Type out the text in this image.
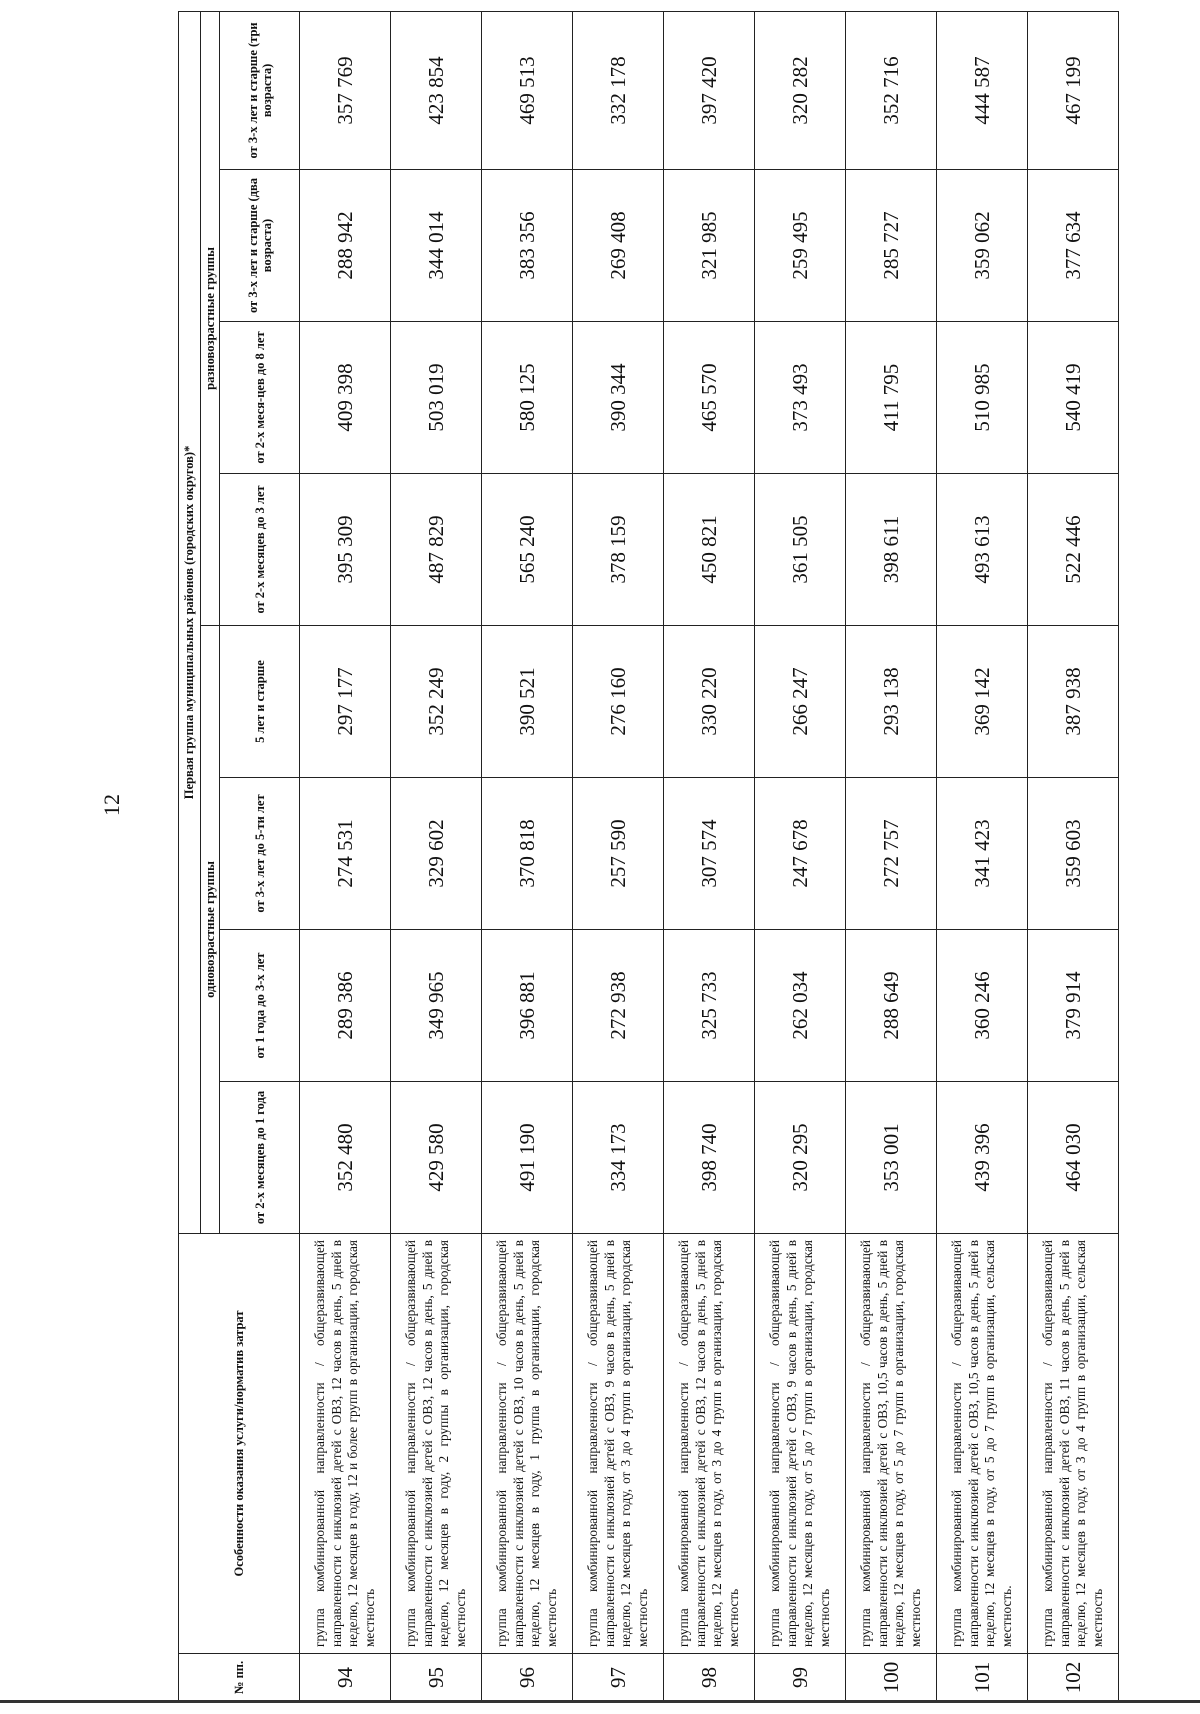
12
№ пп.	Особенности оказания услуги/норматив затрат	Первая группа муниципальных районов (городских округов)*							
		одновозрастные группы				разновозрастные группы			
		от 2-х месяцев до 1 года	от 1 года до 3-х лет	от 3-х лет до 5-ти лет	5 лет и старше	от 2-х месяцев до 3 лет	от 2-х меся-цев до 8 лет	от 3-х лет и старше (два возраста)	от 3-х лет и старше (три возраста)
94	группа комбинированной направленности / общеразвивающей направленности с инклюзией детей с ОВЗ, 12 часов в день, 5 дней в неделю, 12 месяцев в году, 12 и более групп в организации, городская местность	352 480	289 386	274 531	297 177	395 309	409 398	288 942	357 769
95	группа комбинированной направленности / общеразвивающей направленности с инклюзией детей с ОВЗ, 12 часов в день, 5 дней в неделю, 12 месяцев в году, 2 группы в организации, городская местность	429 580	349 965	329 602	352 249	487 829	503 019	344 014	423 854
96	группа комбинированной направленности / общеразвивающей направленности с инклюзией детей с ОВЗ, 10 часов в день, 5 дней в неделю, 12 месяцев в году, 1 группа в организации, городская местность	491 190	396 881	370 818	390 521	565 240	580 125	383 356	469 513
97	группа комбинированной направленности / общеразвивающей направленности с инклюзией детей с ОВЗ, 9 часов в день, 5 дней в неделю, 12 месяцев в году, от 3 до 4 групп в организации, городская местность	334 173	272 938	257 590	276 160	378 159	390 344	269 408	332 178
98	группа комбинированной направленности / общеразвивающей направленности с инклюзией детей с ОВЗ, 12 часов в день, 5 дней в неделю, 12 месяцев в году, от 3 до 4 групп в организации, городская местность	398 740	325 733	307 574	330 220	450 821	465 570	321 985	397 420
99	группа комбинированной направленности / общеразвивающей направленности с инклюзией детей с ОВЗ, 9 часов в день, 5 дней в неделю, 12 месяцев в году, от 5 до 7 групп в организации, городская местность	320 295	262 034	247 678	266 247	361 505	373 493	259 495	320 282
100	группа комбинированной направленности / общеразвивающей направленности с инклюзией детей с ОВЗ, 10,5 часов в день, 5 дней в неделю, 12 месяцев в году, от 5 до 7 групп в организации, городская местность	353 001	288 649	272 757	293 138	398 611	411 795	285 727	352 716
101	группа комбинированной направленности / общеразвивающей направленности с инклюзией детей с ОВЗ, 10,5 часов в день, 5 дней в неделю, 12 месяцев в году, от 5 до 7 групп в организации, сельская местность.	439 396	360 246	341 423	369 142	493 613	510 985	359 062	444 587
102	группа комбинированной направленности / общеразвивающей направленности с инклюзией детей с ОВЗ, 11 часов в день, 5 дней в неделю, 12 месяцев в году, от 3 до 4 групп в организации, сельская местность	464 030	379 914	359 603	387 938	522 446	540 419	377 634	467 199
